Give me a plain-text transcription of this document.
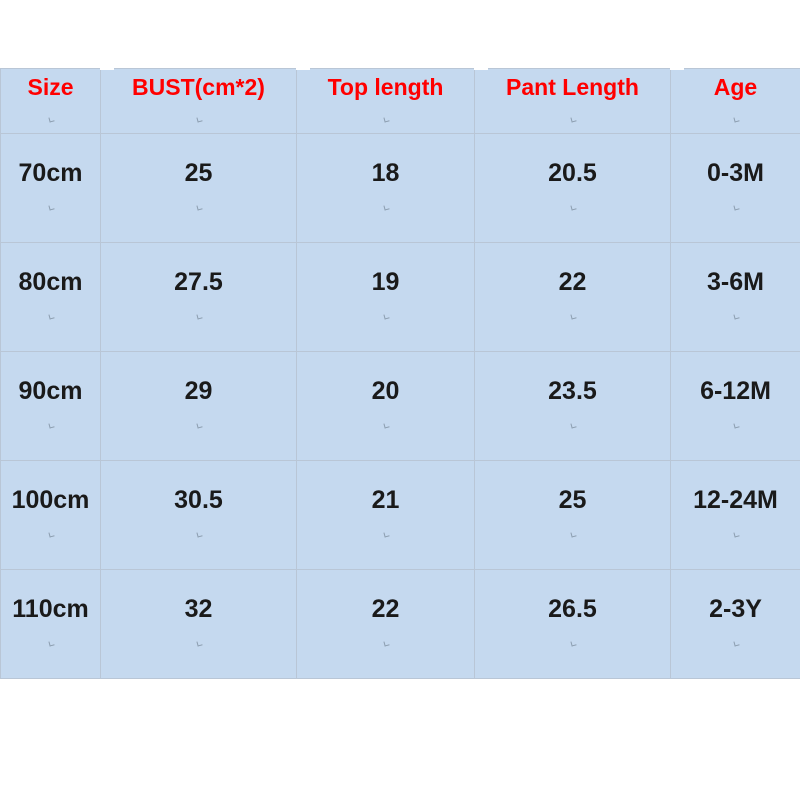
Size	BUST(cm*2)	Top length	Pant Length	Age

70cm	25	18	20.5	0-3M

80cm	27.5	19	22	3-6M

90cm	29	20	23.5	6-12M

100cm	30.5	21	25	12-24M

110cm	32	22	26.5	2-3Y
